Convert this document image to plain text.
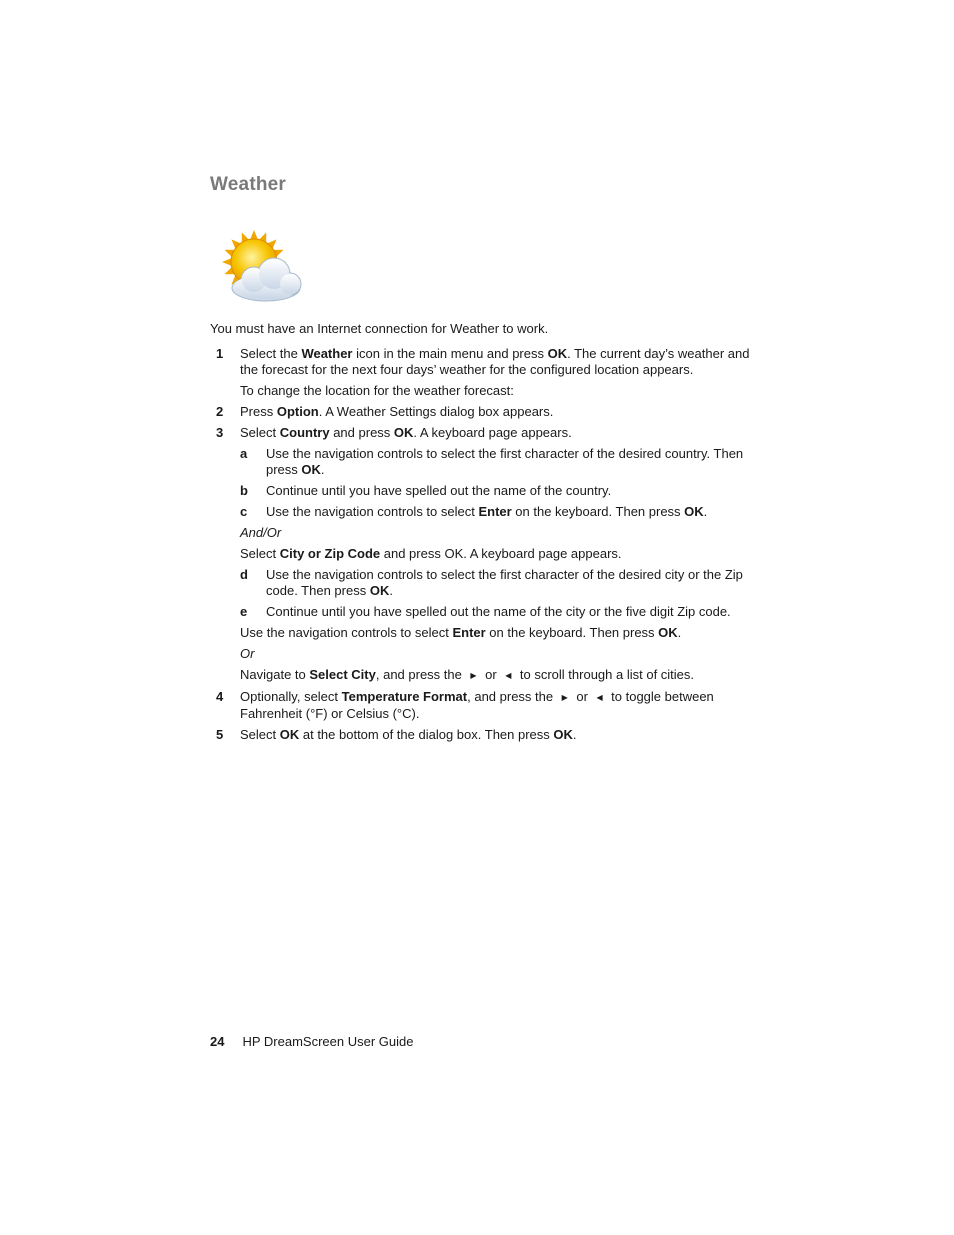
Weather

You must have an Internet connection for Weather to work.

1 Select the Weather icon in the main menu and press OK. The current day’s weather and the forecast for the next four days’ weather for the configured location appears.

To change the location for the weather forecast:

2 Press Option. A Weather Settings dialog box appears.
3 Select Country and press OK. A keyboard page appears.
a Use the navigation controls to select the first character of the desired country. Then press OK.
b Continue until you have spelled out the name of the country.
c Use the navigation controls to select Enter on the keyboard. Then press OK.

And/Or

Select City or Zip Code and press OK. A keyboard page appears.

d Use the navigation controls to select the first character of the desired city or the Zip code. Then press OK.
e Continue until you have spelled out the name of the city or the five digit Zip code.

Use the navigation controls to select Enter on the keyboard. Then press OK.

Or

Navigate to Select City, and press the ▶ or ◀ to scroll through a list of cities.

4 Optionally, select Temperature Format, and press the ▶ or ◀ to toggle between Fahrenheit (°F) or Celsius (°C).
5 Select OK at the bottom of the dialog box. Then press OK.
24 HP DreamScreen User Guide
